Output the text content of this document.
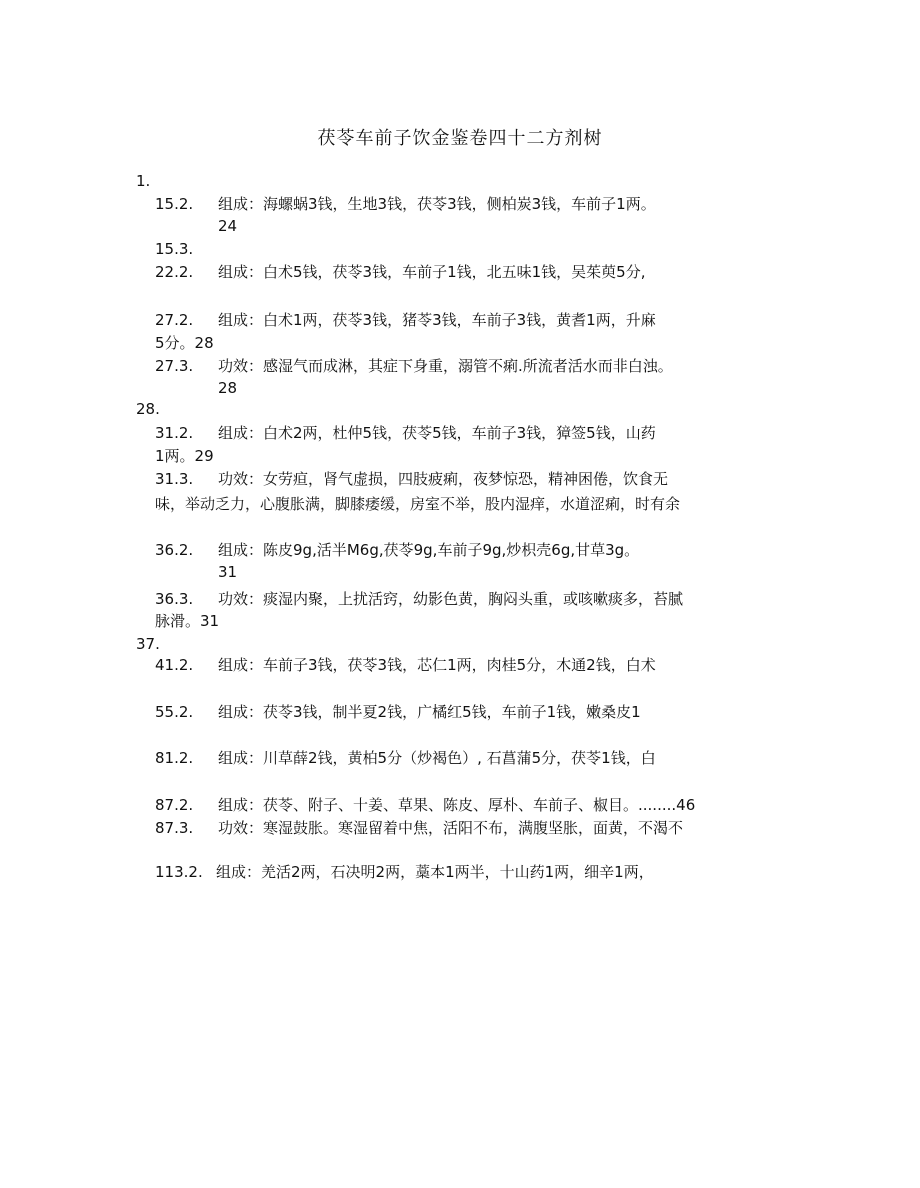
茯苓车前子饮金鉴卷四十二方剂树
1.
15.2. 组成：海螺蜗3钱，生地3钱，茯苓3钱，侧柏炭3钱，车前子1两。
24
15.3.
22.2. 组成：白术5钱，茯苓3钱，车前子1钱，北五味1钱，吴茱萸5分,
27.2. 组成：白术1两，茯苓3钱，猪苓3钱，车前子3钱，黄耆1两，升麻
5分。28
27.3. 功效：感湿气而成淋，其症下身重，溺管不痢.所流者活水而非白浊。
28
28.
31.2. 组成：白术2两，杜仲5钱，茯苓5钱，车前子3钱，獐签5钱，山药
1两。29
31.3. 功效：女劳疸，肾气虚损，四肢疲痢，夜梦惊恐，精神困倦，饮食无
味，举动乏力，心腹胀满，脚膝痿缓，房室不举，股内湿痒，水道涩痢，时有余
36.2. 组成：陈皮9g,活半M6g,茯苓9g,车前子9g,炒枳壳6g,甘草3g。
31
36.3. 功效：痰湿内聚，上扰活窍，幼影色黄，胸闷头重，或咳嗽痰多，苔腻
脉滑。31
37.
41.2. 组成：车前子3钱，茯苓3钱，芯仁1两，肉桂5分，木通2钱，白术
55.2. 组成：茯苓3钱，制半夏2钱，广橘红5钱，车前子1钱，嫩桑皮1
81.2. 组成：川草薛2钱，黄柏5分（炒褐色）, 石菖蒲5分，茯苓1钱，白
87.2. 组成：茯苓、附子、十姜、草果、陈皮、厚朴、车前子、椒目。........46
87.3. 功效：寒湿鼓胀。寒湿留着中焦，活阳不布，满腹坚胀，面黄，不渴不
113.2. 组成：羌活2两，石决明2两，藁本1两半，十山药1两，细辛1两，
